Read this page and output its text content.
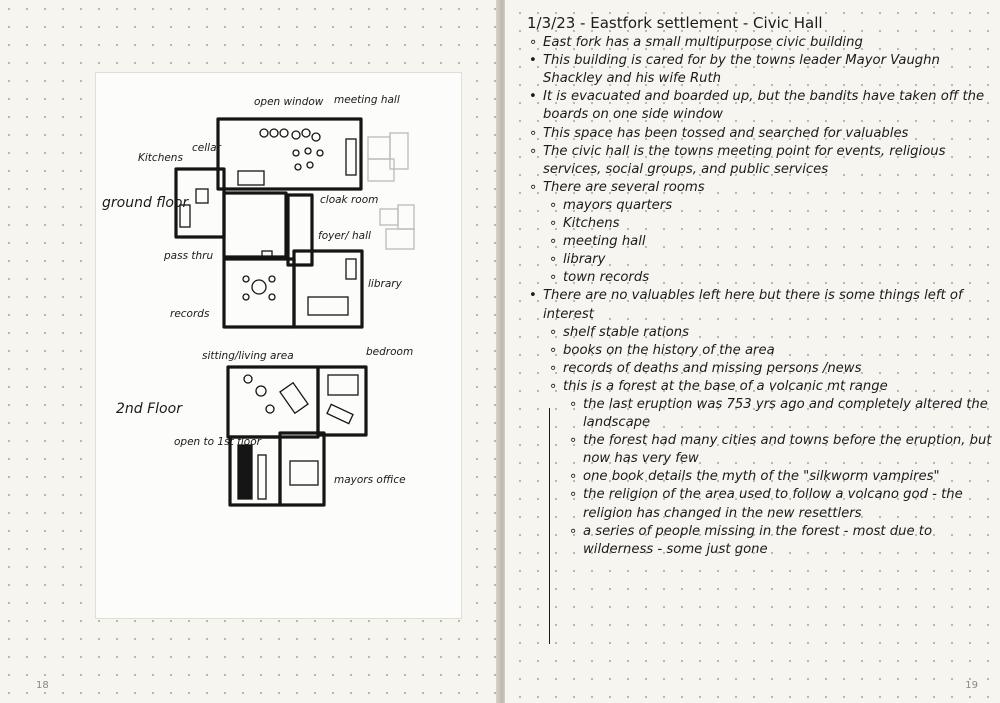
open window meeting hall
cellar
Kitchens
ground floor	cloak room
foyer/ hall
pass thru
library
records
sitting/living area	bedroom
2nd Floor
open to 1st floor
mayors office
18
1/3/23 - Eastfork settlement - Civic Hall
∘ East fork has a small multipurpose civic building
• This building is cared for by the towns leader Mayor Vaughn Shackley and his wife Ruth
• It is evacuated and boarded up, but the bandits have taken off the boards on one side window
∘ This space has been tossed and searched for valuables
∘ The civic hall is the towns meeting point for events, religious services, social groups, and public services
∘ There are several rooms
∘ mayors quarters
∘ Kitchens
∘ meeting hall
∘ library
∘ town records
• There are no valuables left here but there is some things left of interest
∘ shelf stable rations
∘ books on the history of the area
∘ records of deaths and missing persons /news
∘ this is a forest at the base of a volcanic mt range
∘ the last eruption was 753 yrs ago and completely altered the landscape
∘ the forest had many cities and towns before the eruption, but now has very few
∘ one book details the myth of the "silkworm vampires"
∘ the religion of the area used to follow a volcano god - the religion has changed in the new resettlers
∘ a series of people missing in the forest - most due to wilderness - some just gone
19
